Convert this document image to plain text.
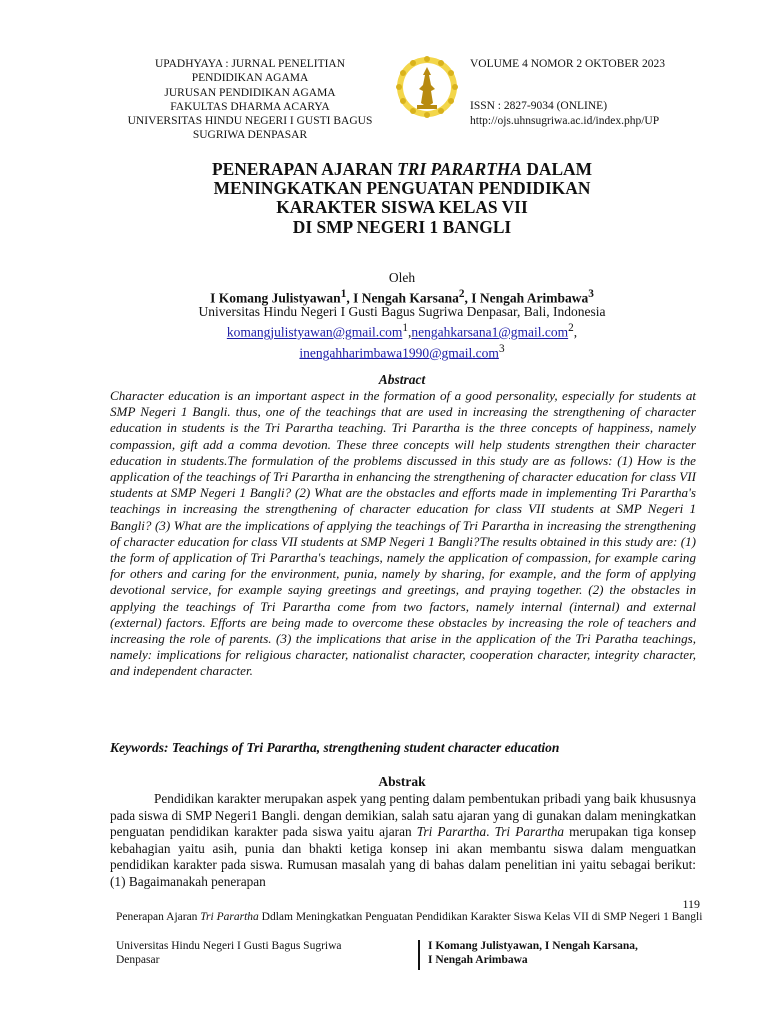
UPADHYAYA : JURNAL PENELITIAN
PENDIDIKAN AGAMA
JURUSAN PENDIDIKAN AGAMA
FAKULTAS DHARMA ACARYA
UNIVERSITAS HINDU NEGERI I GUSTI BAGUS
SUGRIWA DENPASAR
VOLUME 4 NOMOR 2 OKTOBER 2023
ISSN : 2827-9034 (ONLINE)
http://ojs.uhnsugriwa.ac.id/index.php/UP
PENERAPAN AJARAN TRI PARARTHA DALAM
MENINGKATKAN PENGUATAN PENDIDIKAN
KARAKTER SISWA KELAS VII
DI SMP NEGERI 1 BANGLI
Oleh
I Komang Julistyawan$^1$, I Nengah Karsana$^2$, I Nengah Arimbawa$^3$
Universitas Hindu Negeri I Gusti Bagus Sugriwa Denpasar, Bali, Indonesia
komangjulistyawan@gmail.com$^1$,nengahkarsana1@gmail.com$^2$,
inengahharimbawa1990@gmail.com$^3$
Abstract

Character education is an important aspect in the formation of a good personality, especially for students at SMP Negeri 1 Bangli. thus, one of the teachings that are used in increasing the strengthening of character education in students is the Tri Parartha teaching. Tri Parartha is the three concepts of happiness, namely compassion, gift add a comma devotion. These three concepts will help students strengthen their character education in students.The formulation of the problems discussed in this study are as follows: (1) How is the application of the teachings of Tri Parartha in enhancing the strengthening of character education for class VII students at SMP Negeri 1 Bangli? (2) What are the obstacles and efforts made in implementing Tri Parartha's teachings in increasing the strengthening of character education for class VII students at SMP Negeri 1 Bangli? (3) What are the implications of applying the teachings of Tri Parartha in increasing the strengthening of character education for class VII students at SMP Negeri 1 Bangli?The results obtained in this study are: (1) the form of application of Tri Parartha's teachings, namely the application of compassion, for example caring for others and caring for the environment, punia, namely by sharing, for example, and the form of applying devotional service, for example saying greetings and greetings, and praying together. (2) the obstacles in applying the teachings of Tri Parartha come from two factors, namely internal (internal) and external (external) factors. Efforts are being made to overcome these obstacles by increasing the role of teachers and increasing the role of parents. (3) the implications that arise in the application of the Tri Paratha teachings, namely: implications for religious character, nationalist character, cooperation character, integrity character, and independent character.

Keywords: Teachings of Tri Parartha, strengthening student character education
Abstrak

Pendidikan karakter merupakan aspek yang penting dalam pembentukan pribadi yang baik khususnya pada siswa di SMP Negeri1 Bangli. dengan demikian, salah satu ajaran yang di gunakan dalam meningkatkan penguatan pendidikan karakter pada siswa yaitu ajaran Tri Parartha. Tri Parartha merupakan tiga konsep kebahagian yaitu asih, punia dan bhakti ketiga konsep ini akan membantu siswa dalam menguatkan pendidikan karakter pada siswa. Rumusan masalah yang di bahas dalam penelitian ini yaitu sebagai berikut: (1) Bagaimanakah penerapan

119
Penerapan Ajaran Tri Parartha Ddlam Meningkatkan Penguatan Pendidikan Karakter Siswa Kelas VII di SMP Negeri 1 Bangli
Universitas Hindu Negeri I Gusti Bagus Sugriwa
Denpasar
I Komang Julistyawan, I Nengah Karsana,
I Nengah Arimbawa
